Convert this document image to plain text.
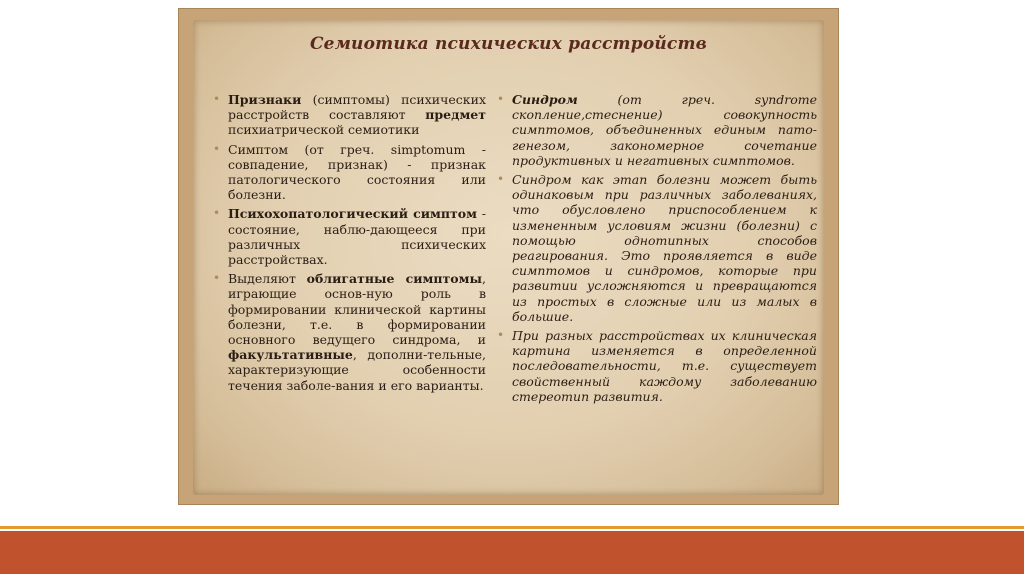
Семиотика психических расстройств
• Признаки (симптомы) психических расстройств составляют предмет психиатрической семиотики
• Симптом (от греч. simptomum - совпадение, признак) - признак патологического состояния или болезни.
• Психохопатологический симптом - состояние, наблю-дающееся при различных психических расстройствах.
• Выделяют облигатные симптомы, играющие основ-ную роль в формировании клинической картины болезни, т.е. в формировании основного ведущего синдрома, и факультативные, дополни-тельные, характеризующие особенности течения заболе-вания и его варианты.
• Синдром (от греч. syndrome скопление,стеснение) совокупность симптомов, объединенных единым пато-генезом, закономерное сочетание продуктивных и негативных симптомов.
• Синдром как этап болезни может быть одинаковым при различных заболеваниях, что обусловлено приспособлением к измененным условиям жизни (болезни) с помощью однотипных способов реагирования. Это проявляется в виде симптомов и синдромов, которые при развитии усложняются и превращаются из простых в сложные или из малых в большие.
• При разных расстройствах их клиническая картина изменяется в определенной последовательности, т.е. существует свойственный каждому заболеванию стереотип развития.
